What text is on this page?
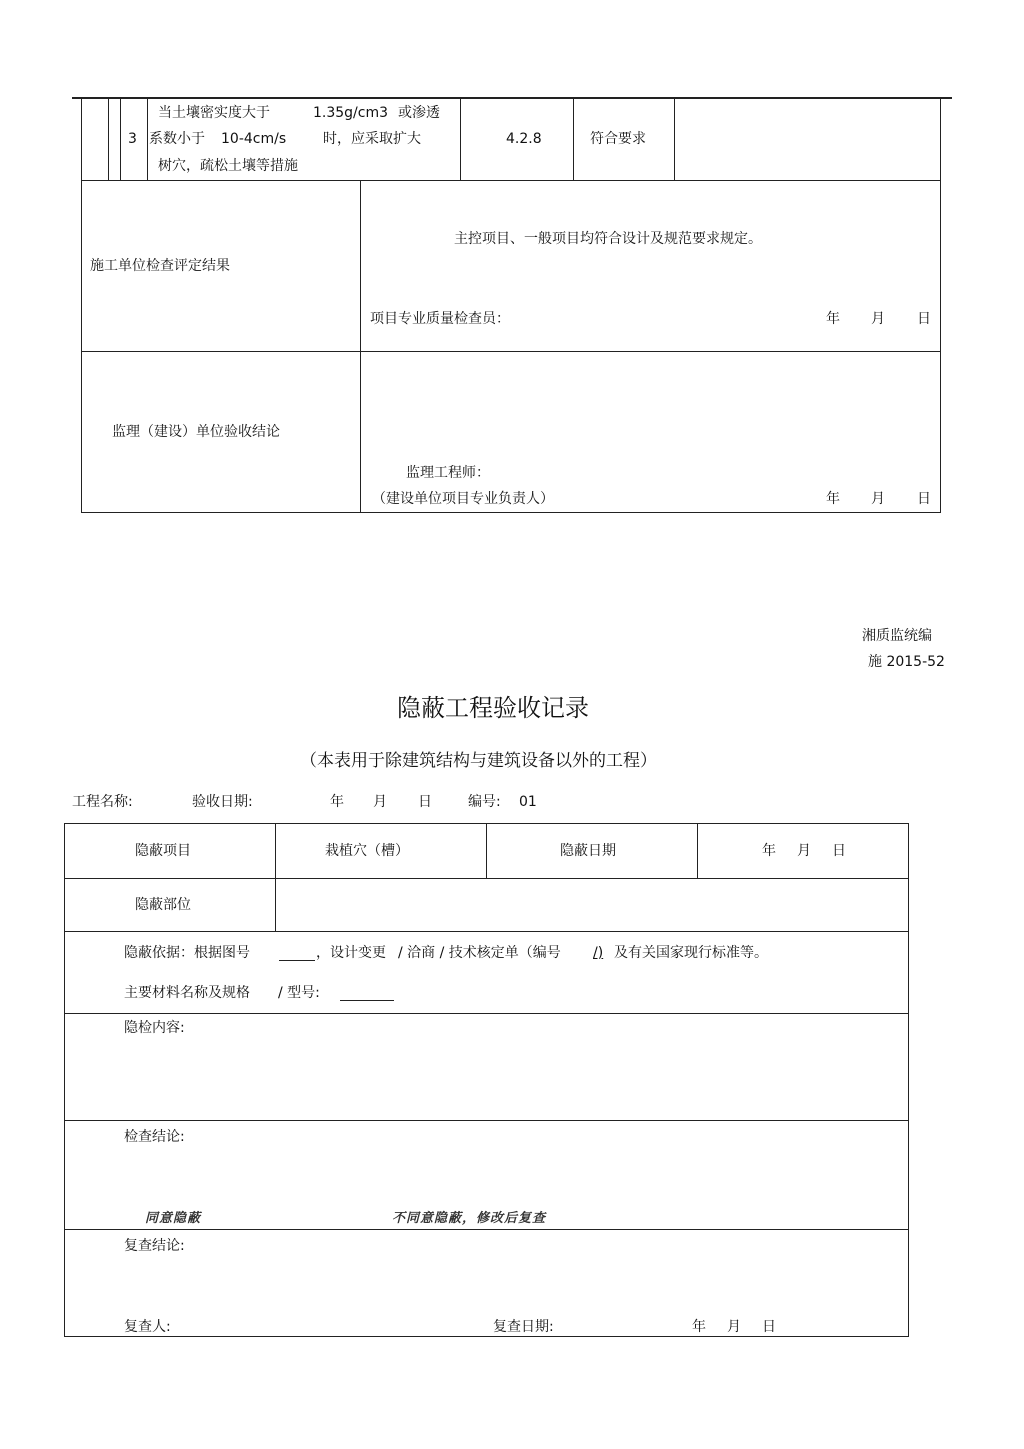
3
当土壤密实度大于	1.35g/cm3 或渗透
系数小于 10-4cm/s	时，应采取扩大
树穴，疏松土壤等措施
4.2.8	符合要求
施工单位检查评定结果
主控项目、一般项目均符合设计及规范要求规定。
项目专业质量检查员：	年 月 日
监理（建设）单位验收结论
监理工程师：
（建设单位项目专业负责人）	年 月 日
湘质监统编
施 2015-52
隐蔽工程验收记录
（本表用于除建筑结构与建筑设备以外的工程）
工程名称:	验收日期:	年 月 日	编号: 01
隐蔽项目	栽植穴（槽）	隐蔽日期	年 月 日
隐蔽部位
隐蔽依据：根据图号	，设计变更 / 洽商 / 技术核定单（编号 /) 及有关国家现行标准等。
主要材料名称及规格 / 型号:
隐检内容:
检查结论:
同意隐蔽	不同意隐蔽，修改后复查
复查结论:
复查人:	复查日期:	年 月 日
